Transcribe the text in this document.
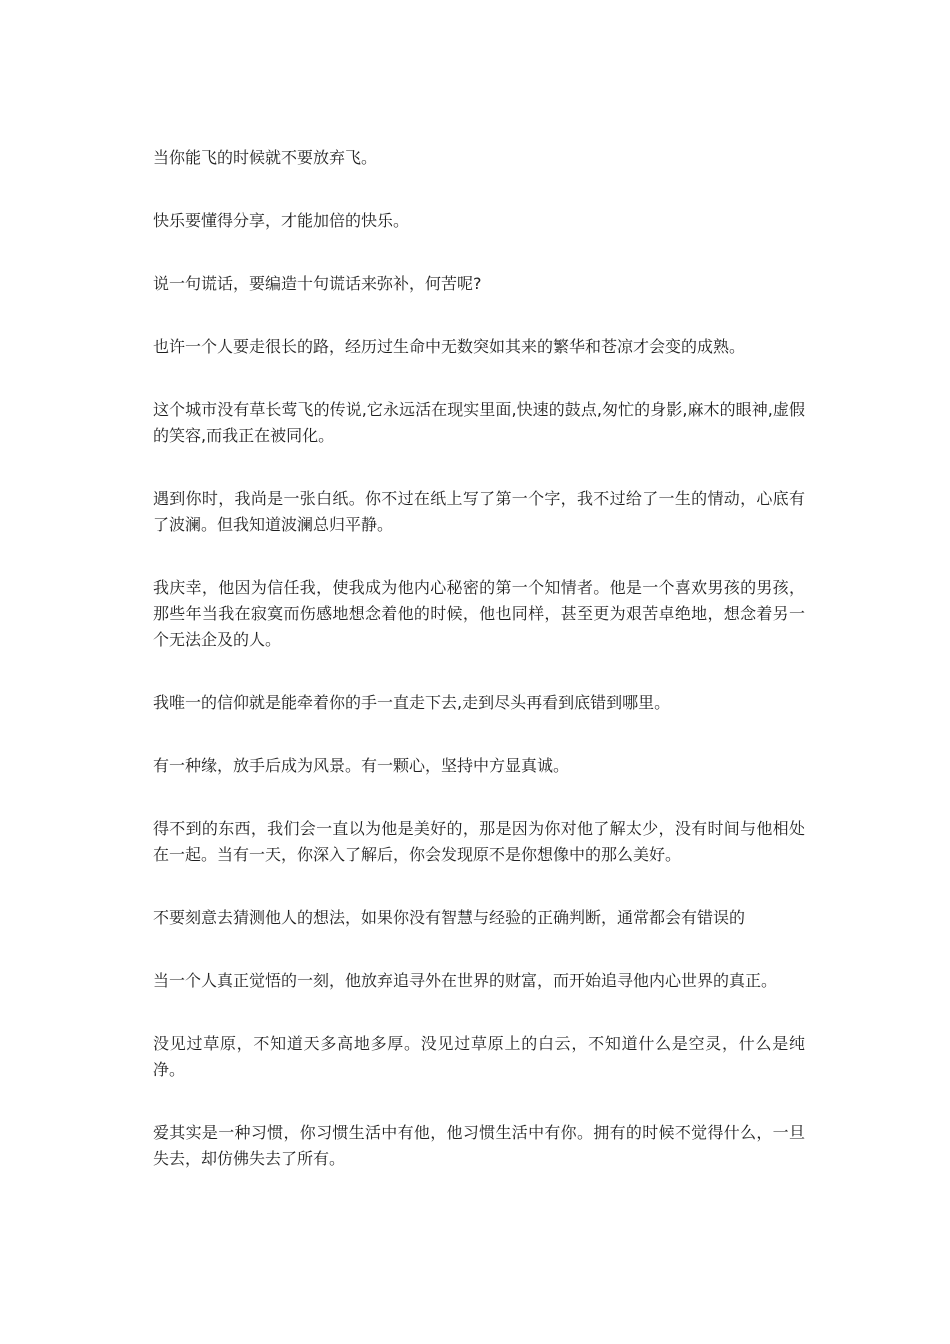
当你能飞的时候就不要放弃飞。

快乐要懂得分享，才能加倍的快乐。

说一句谎话，要编造十句谎话来弥补，何苦呢?

也许一个人要走很长的路，经历过生命中无数突如其来的繁华和苍凉才会变的成熟。

这个城市没有草长莺飞的传说,它永远活在现实里面,快速的鼓点,匆忙的身影,麻木的眼神,虚假的笑容,而我正在被同化。

遇到你时，我尚是一张白纸。你不过在纸上写了第一个字，我不过给了一生的情动，心底有了波澜。但我知道波澜总归平静。

我庆幸，他因为信任我，使我成为他内心秘密的第一个知情者。他是一个喜欢男孩的男孩，那些年当我在寂寞而伤感地想念着他的时候，他也同样，甚至更为艰苦卓绝地，想念着另一个无法企及的人。

我唯一的信仰就是能牵着你的手一直走下去,走到尽头再看到底错到哪里。

有一种缘，放手后成为风景。有一颗心，坚持中方显真诚。

得不到的东西，我们会一直以为他是美好的，那是因为你对他了解太少，没有时间与他相处在一起。当有一天，你深入了解后，你会发现原不是你想像中的那么美好。

不要刻意去猜测他人的想法，如果你没有智慧与经验的正确判断，通常都会有错误的

当一个人真正觉悟的一刻，他放弃追寻外在世界的财富，而开始追寻他内心世界的真正。

没见过草原，不知道天多高地多厚。没见过草原上的白云，不知道什么是空灵，什么是纯净。

爱其实是一种习惯，你习惯生活中有他，他习惯生活中有你。拥有的时候不觉得什么，一旦失去，却仿佛失去了所有。
